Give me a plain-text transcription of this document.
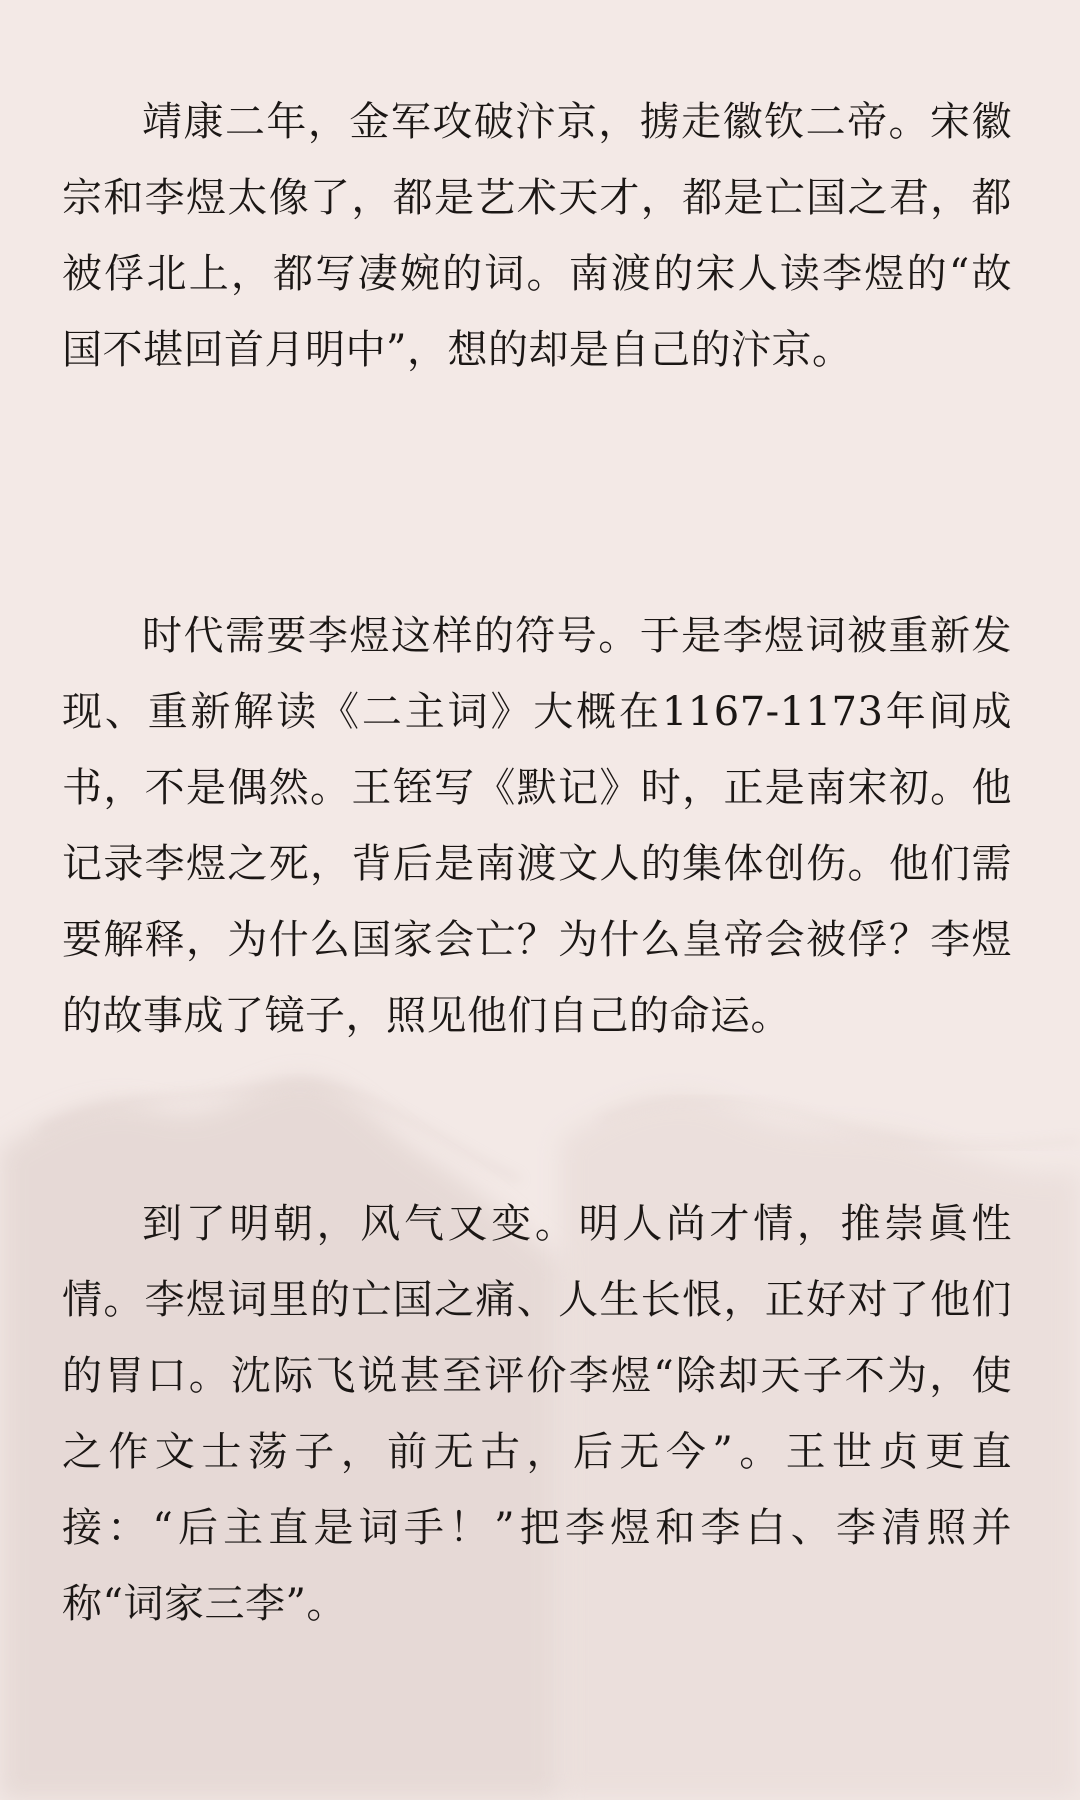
靖康二年，金军攻破汴京，掳走徽钦二帝。宋徽宗和李煜太像了，都是艺术天才，都是亡国之君，都被俘北上，都写凄婉的词。南渡的宋人读李煜的“故国不堪回首月明中”，想的却是自己的汴京。

时代需要李煜这样的符号。于是李煜词被重新发现、重新解读《二主词》大概在1167-1173年间成书，不是偶然。王铚写《默记》时，正是南宋初。他记录李煜之死，背后是南渡文人的集体创伤。他们需要解释，为什么国家会亡？为什么皇帝会被俘？李煜的故事成了镜子，照见他们自己的命运。

到了明朝，风气又变。明人尚才情，推崇眞性情。李煜词里的亡国之痛、人生长恨，正好对了他们的胃口。沈际飞说甚至评价李煜“除却天子不为，使之作文士荡子，前无古，后无今”。王世贞更直接：“后主直是词手！”把李煜和李白、李清照并称“词家三李”。
